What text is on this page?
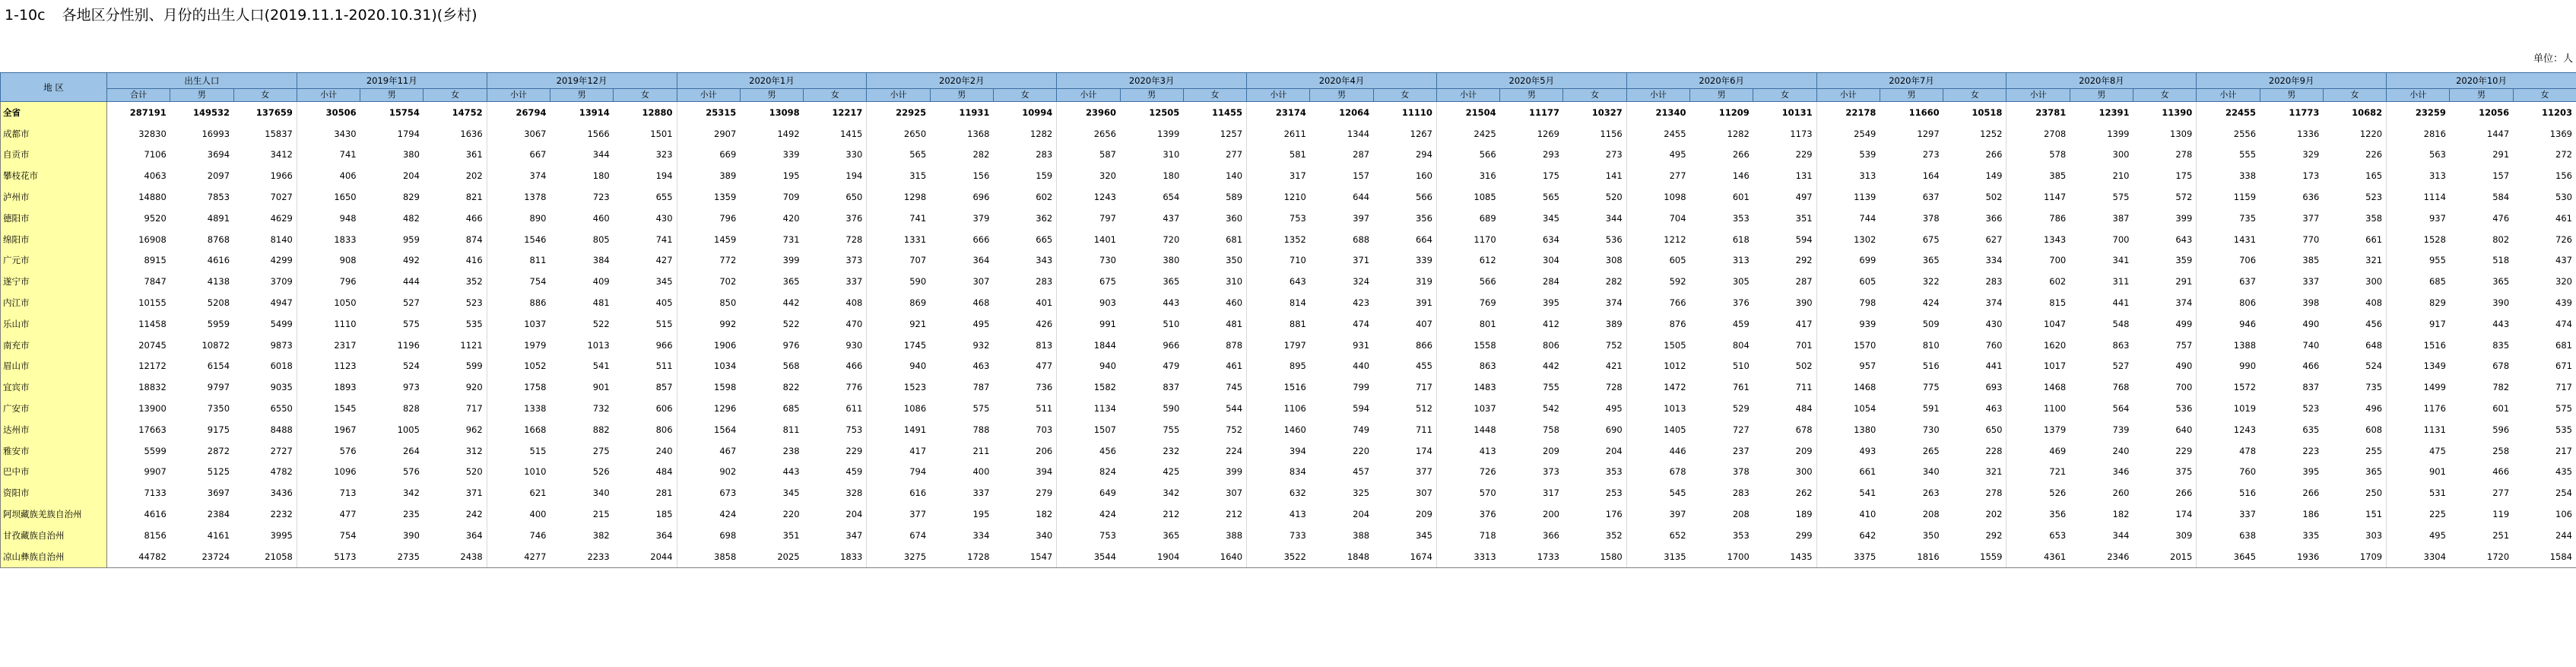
1-10c 各地区分性别、月份的出生人口(2019.11.1-2020.10.31)(乡村)
单位：人
地 区	出生人口			2019年11月			2019年12月			2020年1月			2020年2月			2020年3月			2020年4月			2020年5月			2020年6月			2020年7月			2020年8月			2020年9月			2020年10月		
	合计	男	女	小计	男	女	小计	男	女	小计	男	女	小计	男	女	小计	男	女	小计	男	女	小计	男	女	小计	男	女	小计	男	女	小计	男	女	小计	男	女	小计	男	女
全省	287191	149532	137659	30506	15754	14752	26794	13914	12880	25315	13098	12217	22925	11931	10994	23960	12505	11455	23174	12064	11110	21504	11177	10327	21340	11209	10131	22178	11660	10518	23781	12391	11390	22455	11773	10682	23259	12056	11203
成都市	32830	16993	15837	3430	1794	1636	3067	1566	1501	2907	1492	1415	2650	1368	1282	2656	1399	1257	2611	1344	1267	2425	1269	1156	2455	1282	1173	2549	1297	1252	2708	1399	1309	2556	1336	1220	2816	1447	1369
自贡市	7106	3694	3412	741	380	361	667	344	323	669	339	330	565	282	283	587	310	277	581	287	294	566	293	273	495	266	229	539	273	266	578	300	278	555	329	226	563	291	272
攀枝花市	4063	2097	1966	406	204	202	374	180	194	389	195	194	315	156	159	320	180	140	317	157	160	316	175	141	277	146	131	313	164	149	385	210	175	338	173	165	313	157	156
泸州市	14880	7853	7027	1650	829	821	1378	723	655	1359	709	650	1298	696	602	1243	654	589	1210	644	566	1085	565	520	1098	601	497	1139	637	502	1147	575	572	1159	636	523	1114	584	530
德阳市	9520	4891	4629	948	482	466	890	460	430	796	420	376	741	379	362	797	437	360	753	397	356	689	345	344	704	353	351	744	378	366	786	387	399	735	377	358	937	476	461
绵阳市	16908	8768	8140	1833	959	874	1546	805	741	1459	731	728	1331	666	665	1401	720	681	1352	688	664	1170	634	536	1212	618	594	1302	675	627	1343	700	643	1431	770	661	1528	802	726
广元市	8915	4616	4299	908	492	416	811	384	427	772	399	373	707	364	343	730	380	350	710	371	339	612	304	308	605	313	292	699	365	334	700	341	359	706	385	321	955	518	437
遂宁市	7847	4138	3709	796	444	352	754	409	345	702	365	337	590	307	283	675	365	310	643	324	319	566	284	282	592	305	287	605	322	283	602	311	291	637	337	300	685	365	320
内江市	10155	5208	4947	1050	527	523	886	481	405	850	442	408	869	468	401	903	443	460	814	423	391	769	395	374	766	376	390	798	424	374	815	441	374	806	398	408	829	390	439
乐山市	11458	5959	5499	1110	575	535	1037	522	515	992	522	470	921	495	426	991	510	481	881	474	407	801	412	389	876	459	417	939	509	430	1047	548	499	946	490	456	917	443	474
南充市	20745	10872	9873	2317	1196	1121	1979	1013	966	1906	976	930	1745	932	813	1844	966	878	1797	931	866	1558	806	752	1505	804	701	1570	810	760	1620	863	757	1388	740	648	1516	835	681
眉山市	12172	6154	6018	1123	524	599	1052	541	511	1034	568	466	940	463	477	940	479	461	895	440	455	863	442	421	1012	510	502	957	516	441	1017	527	490	990	466	524	1349	678	671
宜宾市	18832	9797	9035	1893	973	920	1758	901	857	1598	822	776	1523	787	736	1582	837	745	1516	799	717	1483	755	728	1472	761	711	1468	775	693	1468	768	700	1572	837	735	1499	782	717
广安市	13900	7350	6550	1545	828	717	1338	732	606	1296	685	611	1086	575	511	1134	590	544	1106	594	512	1037	542	495	1013	529	484	1054	591	463	1100	564	536	1019	523	496	1176	601	575
达州市	17663	9175	8488	1967	1005	962	1668	882	806	1564	811	753	1491	788	703	1507	755	752	1460	749	711	1448	758	690	1405	727	678	1380	730	650	1379	739	640	1243	635	608	1131	596	535
雅安市	5599	2872	2727	576	264	312	515	275	240	467	238	229	417	211	206	456	232	224	394	220	174	413	209	204	446	237	209	493	265	228	469	240	229	478	223	255	475	258	217
巴中市	9907	5125	4782	1096	576	520	1010	526	484	902	443	459	794	400	394	824	425	399	834	457	377	726	373	353	678	378	300	661	340	321	721	346	375	760	395	365	901	466	435
资阳市	7133	3697	3436	713	342	371	621	340	281	673	345	328	616	337	279	649	342	307	632	325	307	570	317	253	545	283	262	541	263	278	526	260	266	516	266	250	531	277	254
阿坝藏族羌族自治州	4616	2384	2232	477	235	242	400	215	185	424	220	204	377	195	182	424	212	212	413	204	209	376	200	176	397	208	189	410	208	202	356	182	174	337	186	151	225	119	106
甘孜藏族自治州	8156	4161	3995	754	390	364	746	382	364	698	351	347	674	334	340	753	365	388	733	388	345	718	366	352	652	353	299	642	350	292	653	344	309	638	335	303	495	251	244
凉山彝族自治州	44782	23724	21058	5173	2735	2438	4277	2233	2044	3858	2025	1833	3275	1728	1547	3544	1904	1640	3522	1848	1674	3313	1733	1580	3135	1700	1435	3375	1816	1559	4361	2346	2015	3645	1936	1709	3304	1720	1584
